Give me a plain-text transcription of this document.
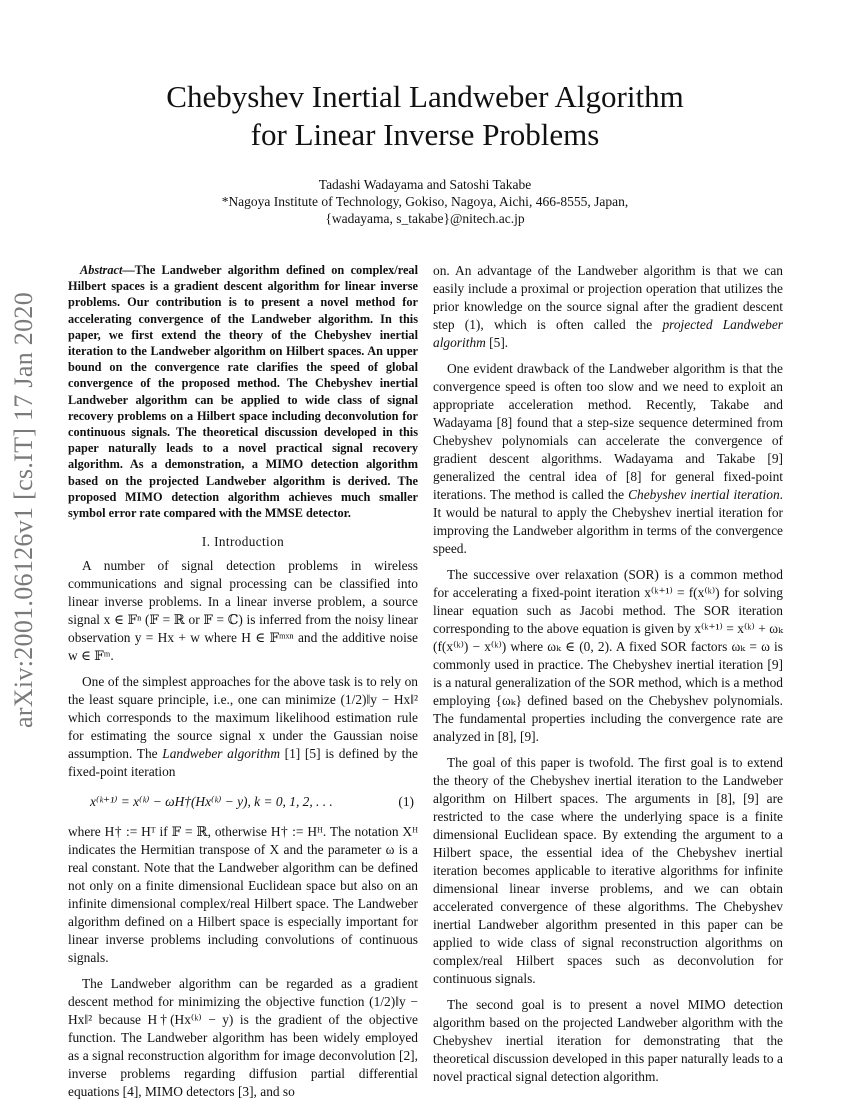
arXiv:2001.06126v1 [cs.IT] 17 Jan 2020
Chebyshev Inertial Landweber Algorithm
for Linear Inverse Problems
Tadashi Wadayama and Satoshi Takabe
*Nagoya Institute of Technology, Gokiso, Nagoya, Aichi, 466-8555, Japan,
{wadayama, s_takabe}@nitech.ac.jp

Abstract—The Landweber algorithm defined on complex/real Hilbert spaces is a gradient descent algorithm for linear inverse problems. Our contribution is to present a novel method for accelerating convergence of the Landweber algorithm. In this paper, we first extend the theory of the Chebyshev inertial iteration to the Landweber algorithm on Hilbert spaces. An upper bound on the convergence rate clarifies the speed of global convergence of the proposed method. The Chebyshev inertial Landweber algorithm can be applied to wide class of signal recovery problems on a Hilbert space including deconvolution for continuous signals. The theoretical discussion developed in this paper naturally leads to a novel practical signal recovery algorithm. As a demonstration, a MIMO detection algorithm based on the projected Landweber algorithm is derived. The proposed MIMO detection algorithm achieves much smaller symbol error rate compared with the MMSE detector.

I. Introduction

A number of signal detection problems in wireless communications and signal processing can be classified into linear inverse problems. In a linear inverse problem, a source signal x ∈ 𝔽ⁿ (𝔽 = ℝ or 𝔽 = ℂ) is inferred from the noisy linear observation y = Hx + w where H ∈ 𝔽ᵐˣⁿ and the additive noise w ∈ 𝔽ᵐ.

One of the simplest approaches for the above task is to rely on the least square principle, i.e., one can minimize (1/2)‖y − Hx‖² which corresponds to the maximum likelihood estimation rule for estimating the source signal x under the Gaussian noise assumption. The Landweber algorithm [1] [5] is defined by the fixed-point iteration

x⁽ᵏ⁺¹⁾ = x⁽ᵏ⁾ − ωH†(Hx⁽ᵏ⁾ − y), k = 0, 1, 2, . . .	(1)

where H† := Hᵀ if 𝔽 = ℝ, otherwise H† := Hᴴ. The notation Xᴴ indicates the Hermitian transpose of X and the parameter ω is a real constant. Note that the Landweber algorithm can be defined not only on a finite dimensional Euclidean space but also on an infinite dimensional complex/real Hilbert space. The Landweber algorithm defined on a Hilbert space is especially important for linear inverse problems including convolutions of continuous signals.

The Landweber algorithm can be regarded as a gradient descent method for minimizing the objective function (1/2)‖y − Hx‖² because H†(Hx⁽ᵏ⁾ − y) is the gradient of the objective function. The Landweber algorithm has been widely employed as a signal reconstruction algorithm for image deconvolution [2], inverse problems regarding diffusion partial differential equations [4], MIMO detectors [3], and so

on. An advantage of the Landweber algorithm is that we can easily include a proximal or projection operation that utilizes the prior knowledge on the source signal after the gradient descent step (1), which is often called the projected Landweber algorithm [5].

One evident drawback of the Landweber algorithm is that the convergence speed is often too slow and we need to exploit an appropriate acceleration method. Recently, Takabe and Wadayama [8] found that a step-size sequence determined from Chebyshev polynomials can accelerate the convergence of gradient descent algorithms. Wadayama and Takabe [9] generalized the central idea of [8] for general fixed-point iterations. The method is called the Chebyshev inertial iteration. It would be natural to apply the Chebyshev inertial iteration for improving the Landweber algorithm in terms of the convergence speed.

The successive over relaxation (SOR) is a common method for accelerating a fixed-point iteration x⁽ᵏ⁺¹⁾ = f(x⁽ᵏ⁾) for solving linear equation such as Jacobi method. The SOR iteration corresponding to the above equation is given by x⁽ᵏ⁺¹⁾ = x⁽ᵏ⁾ + ωₖ (f(x⁽ᵏ⁾) − x⁽ᵏ⁾) where ωₖ ∈ (0, 2). A fixed SOR factors ωₖ = ω is commonly used in practice. The Chebyshev inertial iteration [9] is a natural generalization of the SOR method, which is a method employing {ωₖ} defined based on the Chebyshev polynomials. The fundamental properties including the convergence rate are analyzed in [8], [9].

The goal of this paper is twofold. The first goal is to extend the theory of the Chebyshev inertial iteration to the Landweber algorithm on Hilbert spaces. The arguments in [8], [9] are restricted to the case where the underlying space is a finite dimensional Euclidean space. By extending the argument to a Hilbert space, the essential idea of the Chebyshev inertial iteration becomes applicable to iterative algorithms for infinite dimensional linear inverse problems, and we can obtain accelerated convergence of these algorithms. The Chebyshev inertial Landweber algorithm presented in this paper can be applied to wide class of signal reconstruction algorithms on complex/real Hilbert spaces such as deconvolution for continuous signals.

The second goal is to present a novel MIMO detection algorithm based on the projected Landweber algorithm with the Chebyshev inertial iteration for demonstrating that the theoretical discussion developed in this paper naturally leads to a novel practical signal detection algorithm.
